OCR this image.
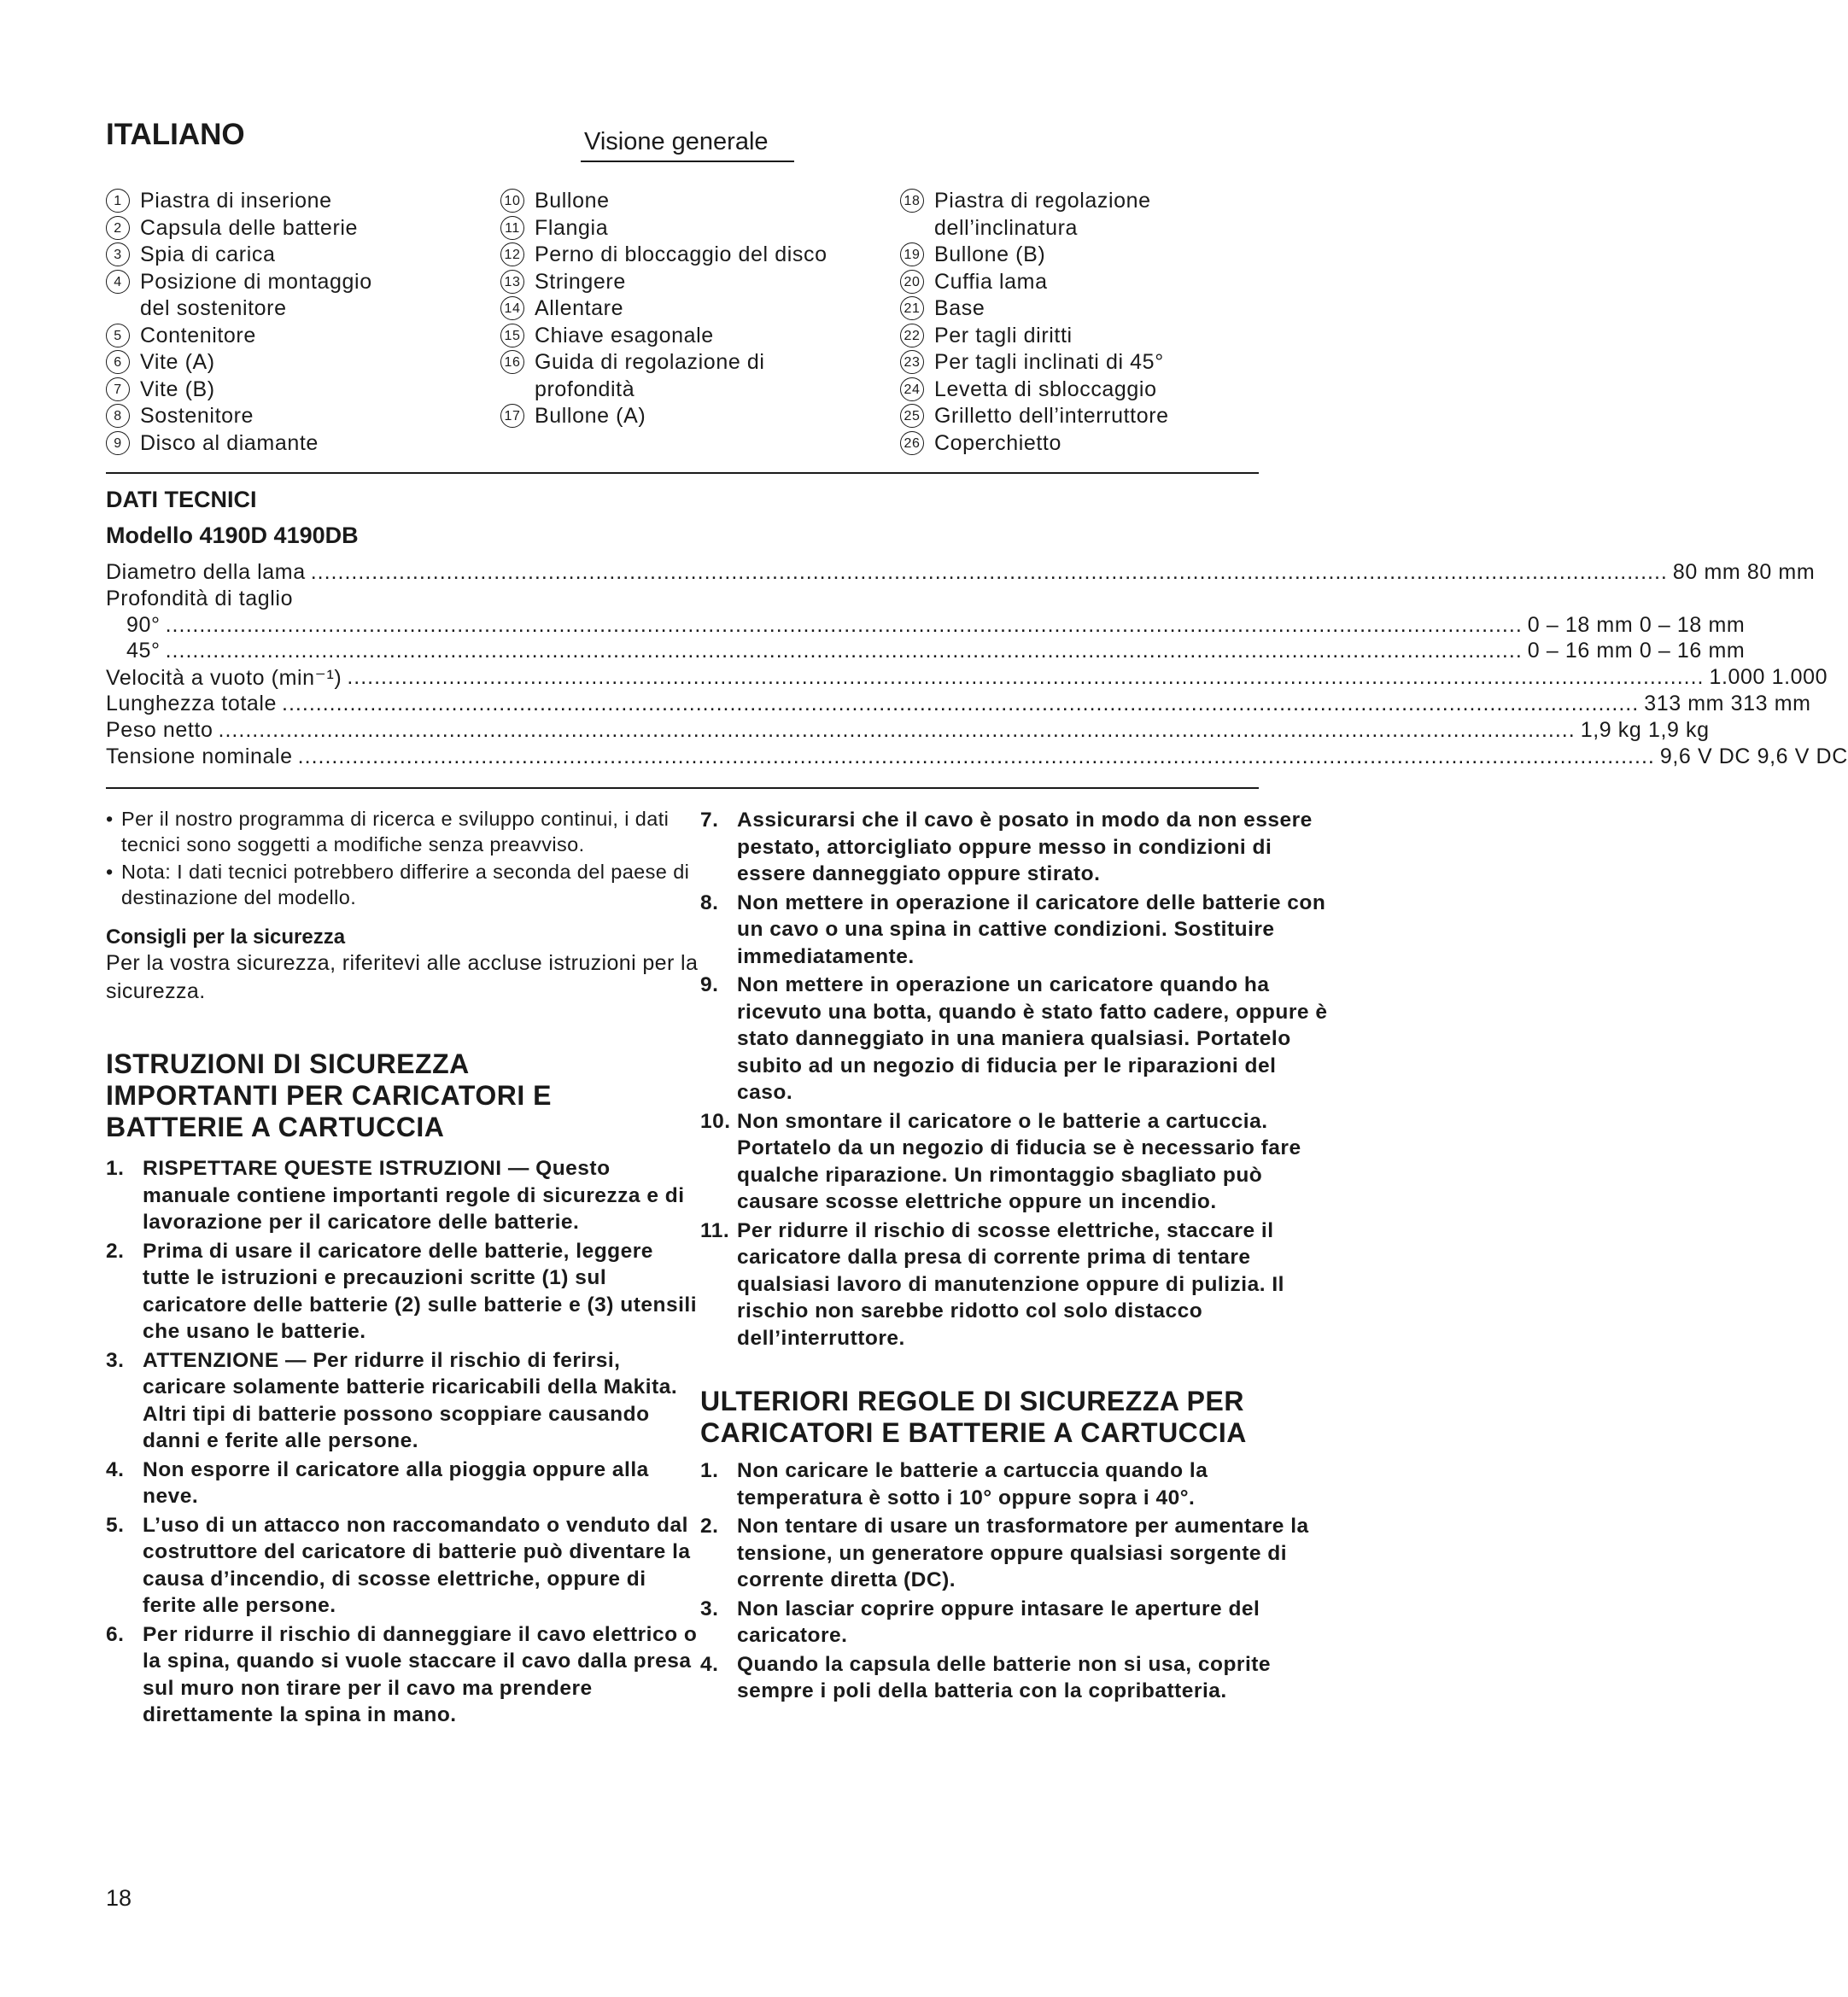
ITALIANO	Visione generale
1 Piastra di inserione
2 Capsula delle batterie
3 Spia di carica
4 Posizione di montaggio
del sostenitore
5 Contenitore
6 Vite (A)
7 Vite (B)
8 Sostenitore
9 Disco al diamante
10 Bullone
11 Flangia
12 Perno di bloccaggio del disco
13 Stringere
14 Allentare
15 Chiave esagonale
16 Guida di regolazione di
profondità
17 Bullone (A)
18 Piastra di regolazione
dell’inclinatura
19 Bullone (B)
20 Cuffia lama
21 Base
22 Per tagli diritti
23 Per tagli inclinati di 45°
24 Levetta di sbloccaggio
25 Grilletto dell’interruttore
26 Coperchietto
DATI TECNICI
Modello 4190D 4190DB
Diametro della lama ........................................................................................................................................................................................................ 80 mm 80 mm
Profondità di taglio
90° ........................................................................................................................................................................................................ 0 – 18 mm 0 – 18 mm
45° ........................................................................................................................................................................................................ 0 – 16 mm 0 – 16 mm
Velocità a vuoto (min⁻¹) ........................................................................................................................................................................................................ 1.000 1.000
Lunghezza totale ........................................................................................................................................................................................................ 313 mm 313 mm
Peso netto ........................................................................................................................................................................................................ 1,9 kg 1,9 kg
Tensione nominale ........................................................................................................................................................................................................ 9,6 V DC 9,6 V DC
• Per il nostro programma di ricerca e sviluppo continui, i dati tecnici sono soggetti a modifiche senza preavviso.
• Nota: I dati tecnici potrebbero differire a seconda del paese di destinazione del modello.
Consigli per la sicurezza
Per la vostra sicurezza, riferitevi alle accluse istruzioni per la sicurezza.
ISTRUZIONI DI SICUREZZA IMPORTANTI PER CARICATORI E BATTERIE A CARTUCCIA
1. RISPETTARE QUESTE ISTRUZIONI — Questo manuale contiene importanti regole di sicurezza e di lavorazione per il caricatore delle batterie.
2. Prima di usare il caricatore delle batterie, leggere tutte le istruzioni e precauzioni scritte (1) sul caricatore delle batterie (2) sulle batterie e (3) utensili che usano le batterie.
3. ATTENZIONE — Per ridurre il rischio di ferirsi, caricare solamente batterie ricaricabili della Makita. Altri tipi di batterie possono scoppiare causando danni e ferite alle persone.
4. Non esporre il caricatore alla pioggia oppure alla neve.
5. L’uso di un attacco non raccomandato o venduto dal costruttore del caricatore di batterie può diventare la causa d’incendio, di scosse elettriche, oppure di ferite alle persone.
6. Per ridurre il rischio di danneggiare il cavo elettrico o la spina, quando si vuole staccare il cavo dalla presa sul muro non tirare per il cavo ma prendere direttamente la spina in mano.
7. Assicurarsi che il cavo è posato in modo da non essere pestato, attorcigliato oppure messo in condizioni di essere danneggiato oppure stirato.
8. Non mettere in operazione il caricatore delle batterie con un cavo o una spina in cattive condizioni. Sostituire immediatamente.
9. Non mettere in operazione un caricatore quando ha ricevuto una botta, quando è stato fatto cadere, oppure è stato danneggiato in una maniera qualsiasi. Portatelo subito ad un negozio di fiducia per le riparazioni del caso.
10. Non smontare il caricatore o le batterie a cartuccia. Portatelo da un negozio di fiducia se è necessario fare qualche riparazione. Un rimontaggio sbagliato può causare scosse elettriche oppure un incendio.
11. Per ridurre il rischio di scosse elettriche, staccare il caricatore dalla presa di corrente prima di tentare qualsiasi lavoro di manutenzione oppure di pulizia. Il rischio non sarebbe ridotto col solo distacco dell’interruttore.
ULTERIORI REGOLE DI SICUREZZA PER CARICATORI E BATTERIE A CARTUCCIA
1. Non caricare le batterie a cartuccia quando la temperatura è sotto i 10° oppure sopra i 40°.
2. Non tentare di usare un trasformatore per aumentare la tensione, un generatore oppure qualsiasi sorgente di corrente diretta (DC).
3. Non lasciar coprire oppure intasare le aperture del caricatore.
4. Quando la capsula delle batterie non si usa, coprite sempre i poli della batteria con la copribatteria.
18
